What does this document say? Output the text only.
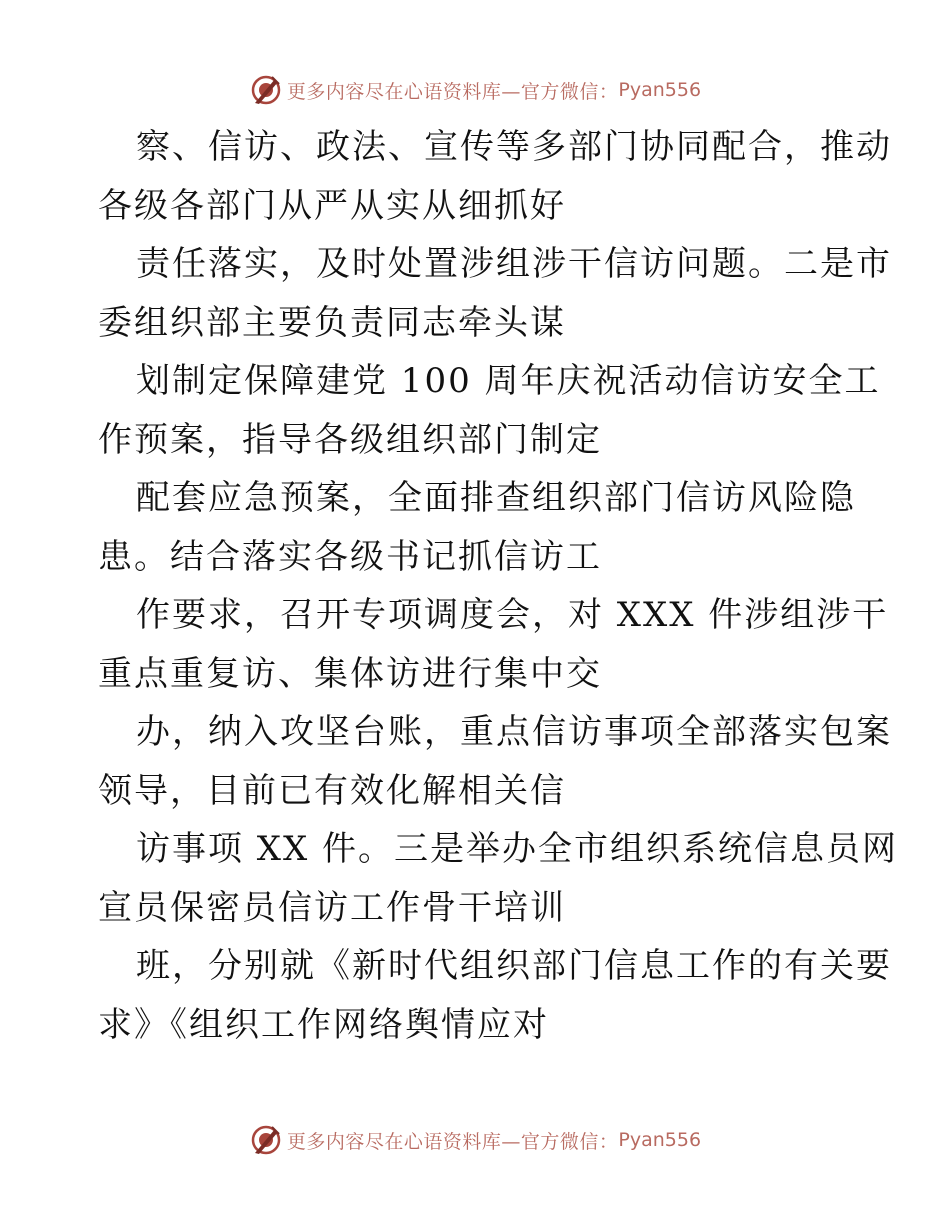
更多内容尽在心语资料库—官方微信： Pyan556
察、信访、政法、宣传等多部门协同配合，推动
各级各部门从严从实从细抓好
责任落实，及时处置涉组涉干信访问题。二是市
委组织部主要负责同志牵头谋
划制定保障建党 100 周年庆祝活动信访安全工
作预案，指导各级组织部门制定
配套应急预案，全面排查组织部门信访风险隐
患。结合落实各级书记抓信访工
作要求，召开专项调度会，对 XXX 件涉组涉干
重点重复访、集体访进行集中交
办，纳入攻坚台账，重点信访事项全部落实包案
领导，目前已有效化解相关信
访事项 XX 件。三是举办全市组织系统信息员网
宣员保密员信访工作骨干培训
班，分别就《新时代组织部门信息工作的有关要
求》《组织工作网络舆情应对
更多内容尽在心语资料库—官方微信： Pyan556
